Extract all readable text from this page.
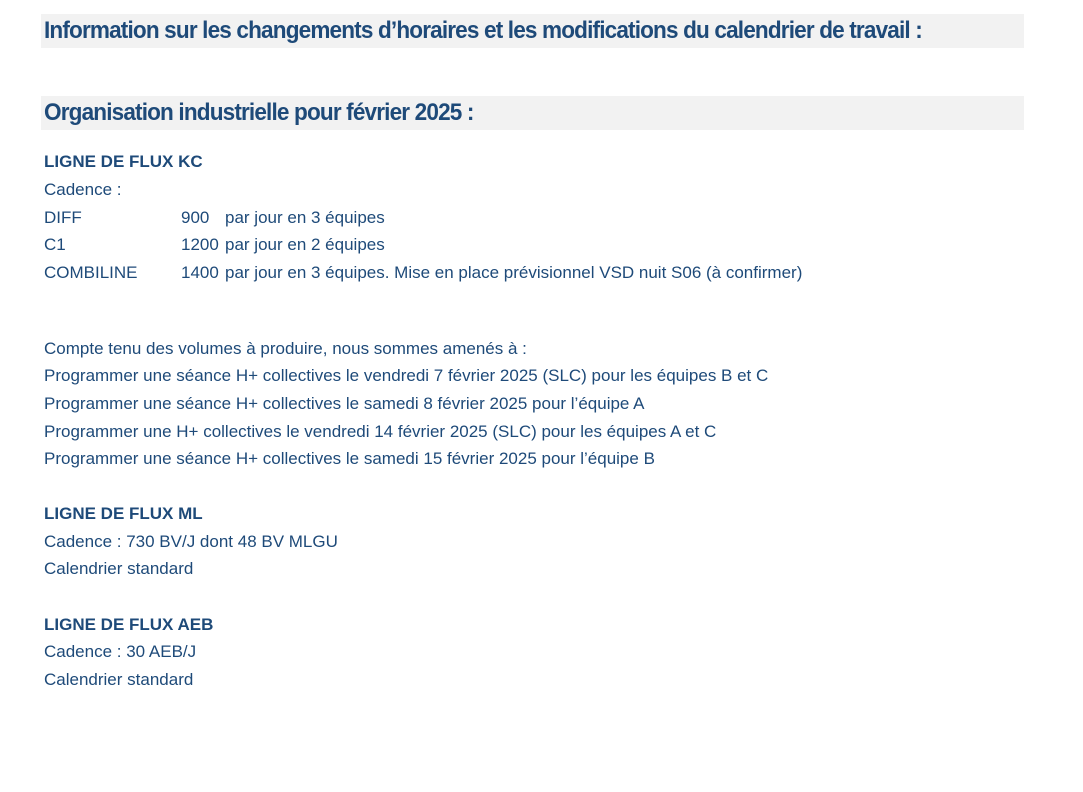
Information sur les changements d’horaires et les modifications du calendrier de travail :
Organisation industrielle pour février 2025 :
LIGNE DE FLUX KC
Cadence :
DIFF	900 par jour en 3 équipes
C1	1200 par jour en 2 équipes
COMBILINE	1400 par jour en 3 équipes. Mise en place prévisionnel VSD nuit S06 (à confirmer)
Compte tenu des volumes à produire, nous sommes amenés à :
Programmer une séance H+ collectives le vendredi 7 février 2025 (SLC) pour les équipes B et C
Programmer une séance H+ collectives le samedi 8 février 2025 pour l’équipe A
Programmer une H+ collectives le vendredi 14 février 2025 (SLC) pour les équipes A et C
Programmer une séance H+ collectives le samedi 15 février 2025 pour l’équipe B
LIGNE DE FLUX ML
Cadence : 730 BV/J dont 48 BV MLGU
Calendrier standard
LIGNE DE FLUX AEB
Cadence : 30 AEB/J
Calendrier standard
